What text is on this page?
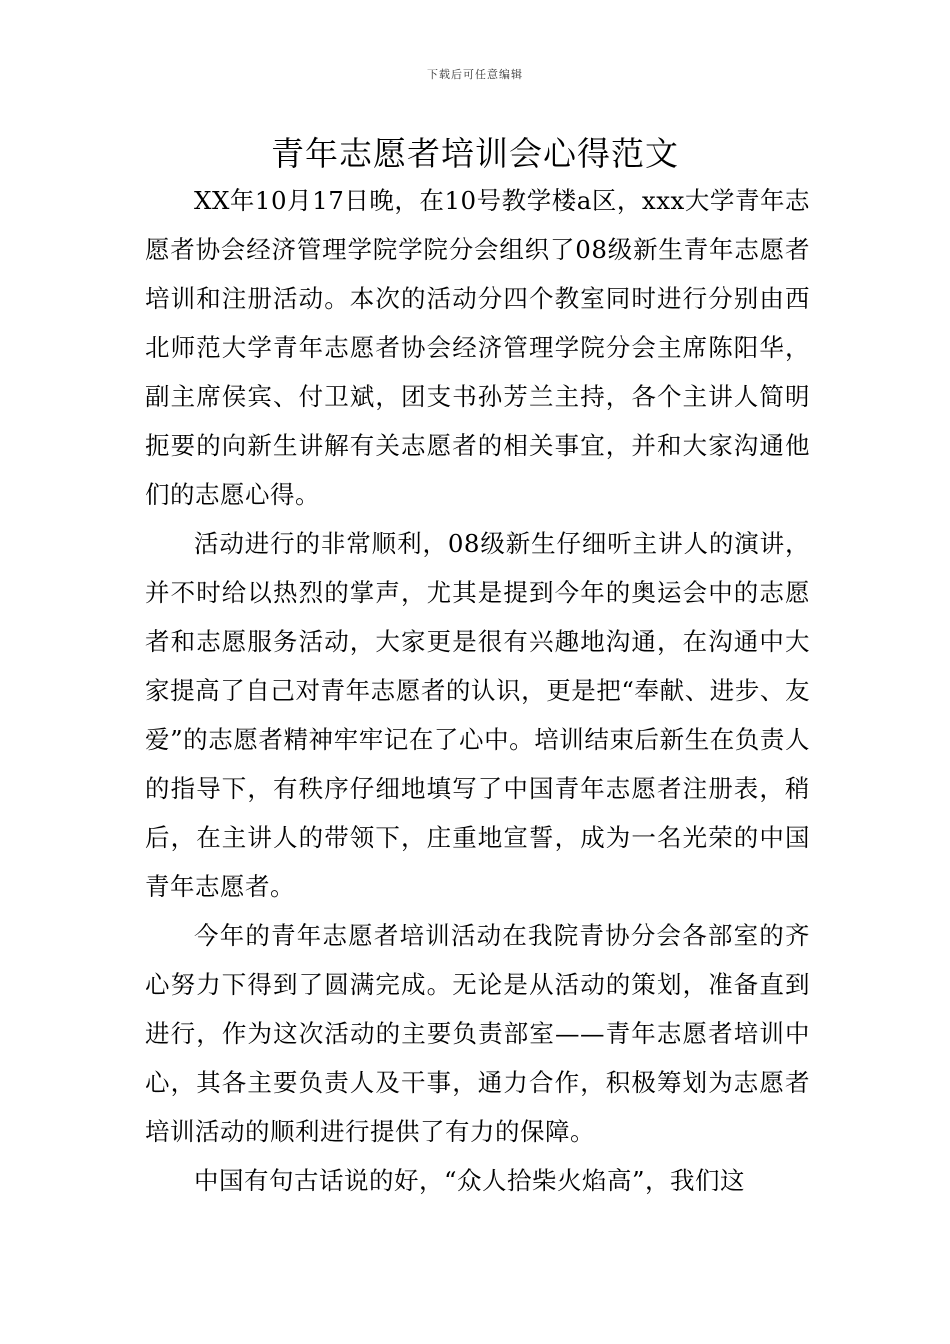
下载后可任意编辑
青年志愿者培训会心得范文

XX年10月17日晚，在10号教学楼a区，xxx大学青年志愿者协会经济管理学院学院分会组织了08级新生青年志愿者培训和注册活动。本次的活动分四个教室同时进行分别由西北师范大学青年志愿者协会经济管理学院分会主席陈阳华，副主席侯宾、付卫斌，团支书孙芳兰主持，各个主讲人简明扼要的向新生讲解有关志愿者的相关事宜，并和大家沟通他们的志愿心得。

活动进行的非常顺利，08级新生仔细听主讲人的演讲，并不时给以热烈的掌声，尤其是提到今年的奥运会中的志愿者和志愿服务活动，大家更是很有兴趣地沟通，在沟通中大家提高了自己对青年志愿者的认识，更是把“奉献、进步、友爱”的志愿者精神牢牢记在了心中。培训结束后新生在负责人的指导下，有秩序仔细地填写了中国青年志愿者注册表，稍后，在主讲人的带领下，庄重地宣誓，成为一名光荣的中国青年志愿者。

今年的青年志愿者培训活动在我院青协分会各部室的齐心努力下得到了圆满完成。无论是从活动的策划，准备直到进行，作为这次活动的主要负责部室——青年志愿者培训中心，其各主要负责人及干事，通力合作，积极筹划为志愿者培训活动的顺利进行提供了有力的保障。

中国有句古话说的好，“众人拾柴火焰高”，我们这
